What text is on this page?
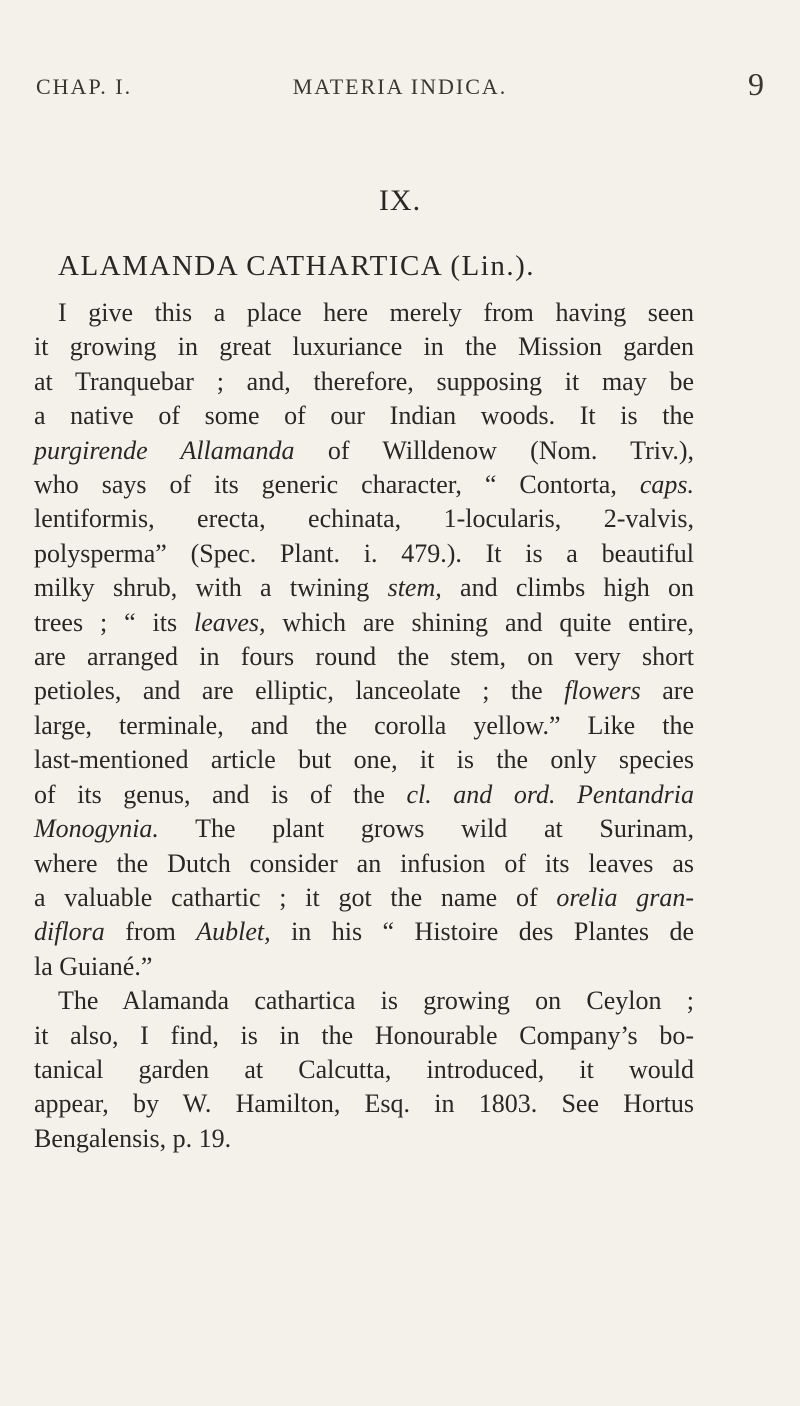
CHAP. I.	MATERIA INDICA.	9
IX.
ALAMANDA CATHARTICA (Lin.).
I give this a place here merely from having seen
it growing in great luxuriance in the Mission garden
at Tranquebar ; and, therefore, supposing it may be
a native of some of our Indian woods. It is the
purgirende Allamanda of Willdenow (Nom. Triv.),
who says of its generic character, “ Contorta, caps.
lentiformis, erecta, echinata, 1-locularis, 2-valvis,
polysperma” (Spec. Plant. i. 479.). It is a beautiful
milky shrub, with a twining stem, and climbs high on
trees ; “ its leaves, which are shining and quite entire,
are arranged in fours round the stem, on very short
petioles, and are elliptic, lanceolate ; the flowers are
large, terminale, and the corolla yellow.” Like the
last-mentioned article but one, it is the only species
of its genus, and is of the cl. and ord. Pentandria
Monogynia. The plant grows wild at Surinam,
where the Dutch consider an infusion of its leaves as
a valuable cathartic ; it got the name of orelia gran-
diflora from Aublet, in his “ Histoire des Plantes de
la Guiané.”
The Alamanda cathartica is growing on Ceylon ;
it also, I find, is in the Honourable Company’s bo-
tanical garden at Calcutta, introduced, it would
appear, by W. Hamilton, Esq. in 1803. See Hortus
Bengalensis, p. 19.
